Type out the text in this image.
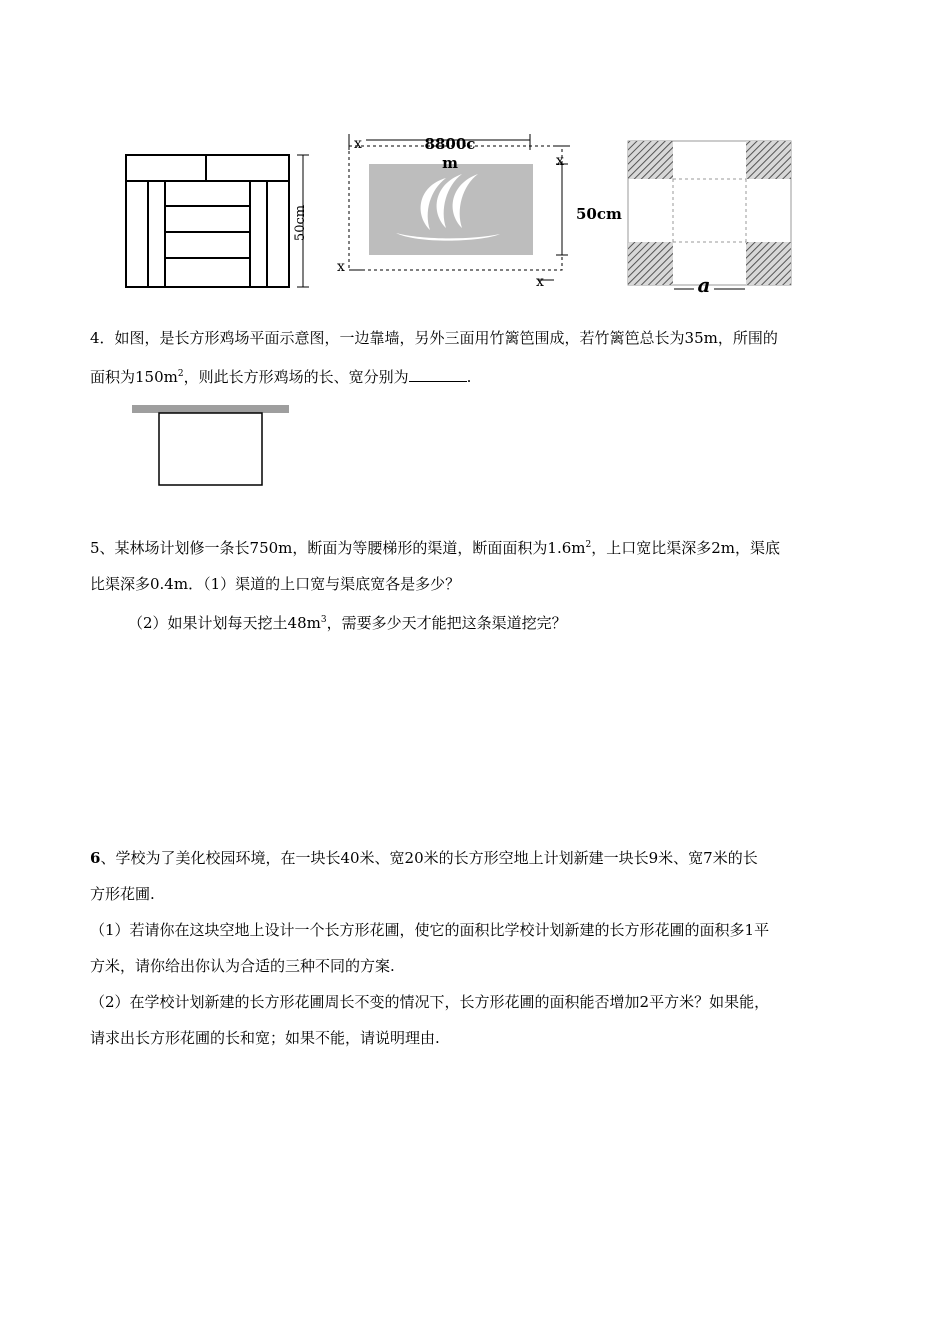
50cm
8800c
m
50cm
x
x
x
x	a
4．如图，是长方形鸡场平面示意图，一边靠墙，另外三面用竹篱笆围成，若竹篱笆总长为35m，所围的
面积为$150m^2$，则此长方形鸡场的长、宽分别为	.
5、某林场计划修一条长750m，断面为等腰梯形的渠道，断面面积为$1.6m^2$，上口宽比渠深多2m，渠底
比渠深多0.4m．（1）渠道的上口宽与渠底宽各是多少？
（2）如果计划每天挖土$48m^3$，需要多少天才能把这条渠道挖完？
6、学校为了美化校园环境，在一块长40米、宽20米的长方形空地上计划新建一块长9米、宽7米的长
方形花圃.
（1）若请你在这块空地上设计一个长方形花圃，使它的面积比学校计划新建的长方形花圃的面积多1平
方米，请你给出你认为合适的三种不同的方案.
（2）在学校计划新建的长方形花圃周长不变的情况下，长方形花圃的面积能否增加2平方米？如果能，
请求出长方形花圃的长和宽；如果不能，请说明理由.
